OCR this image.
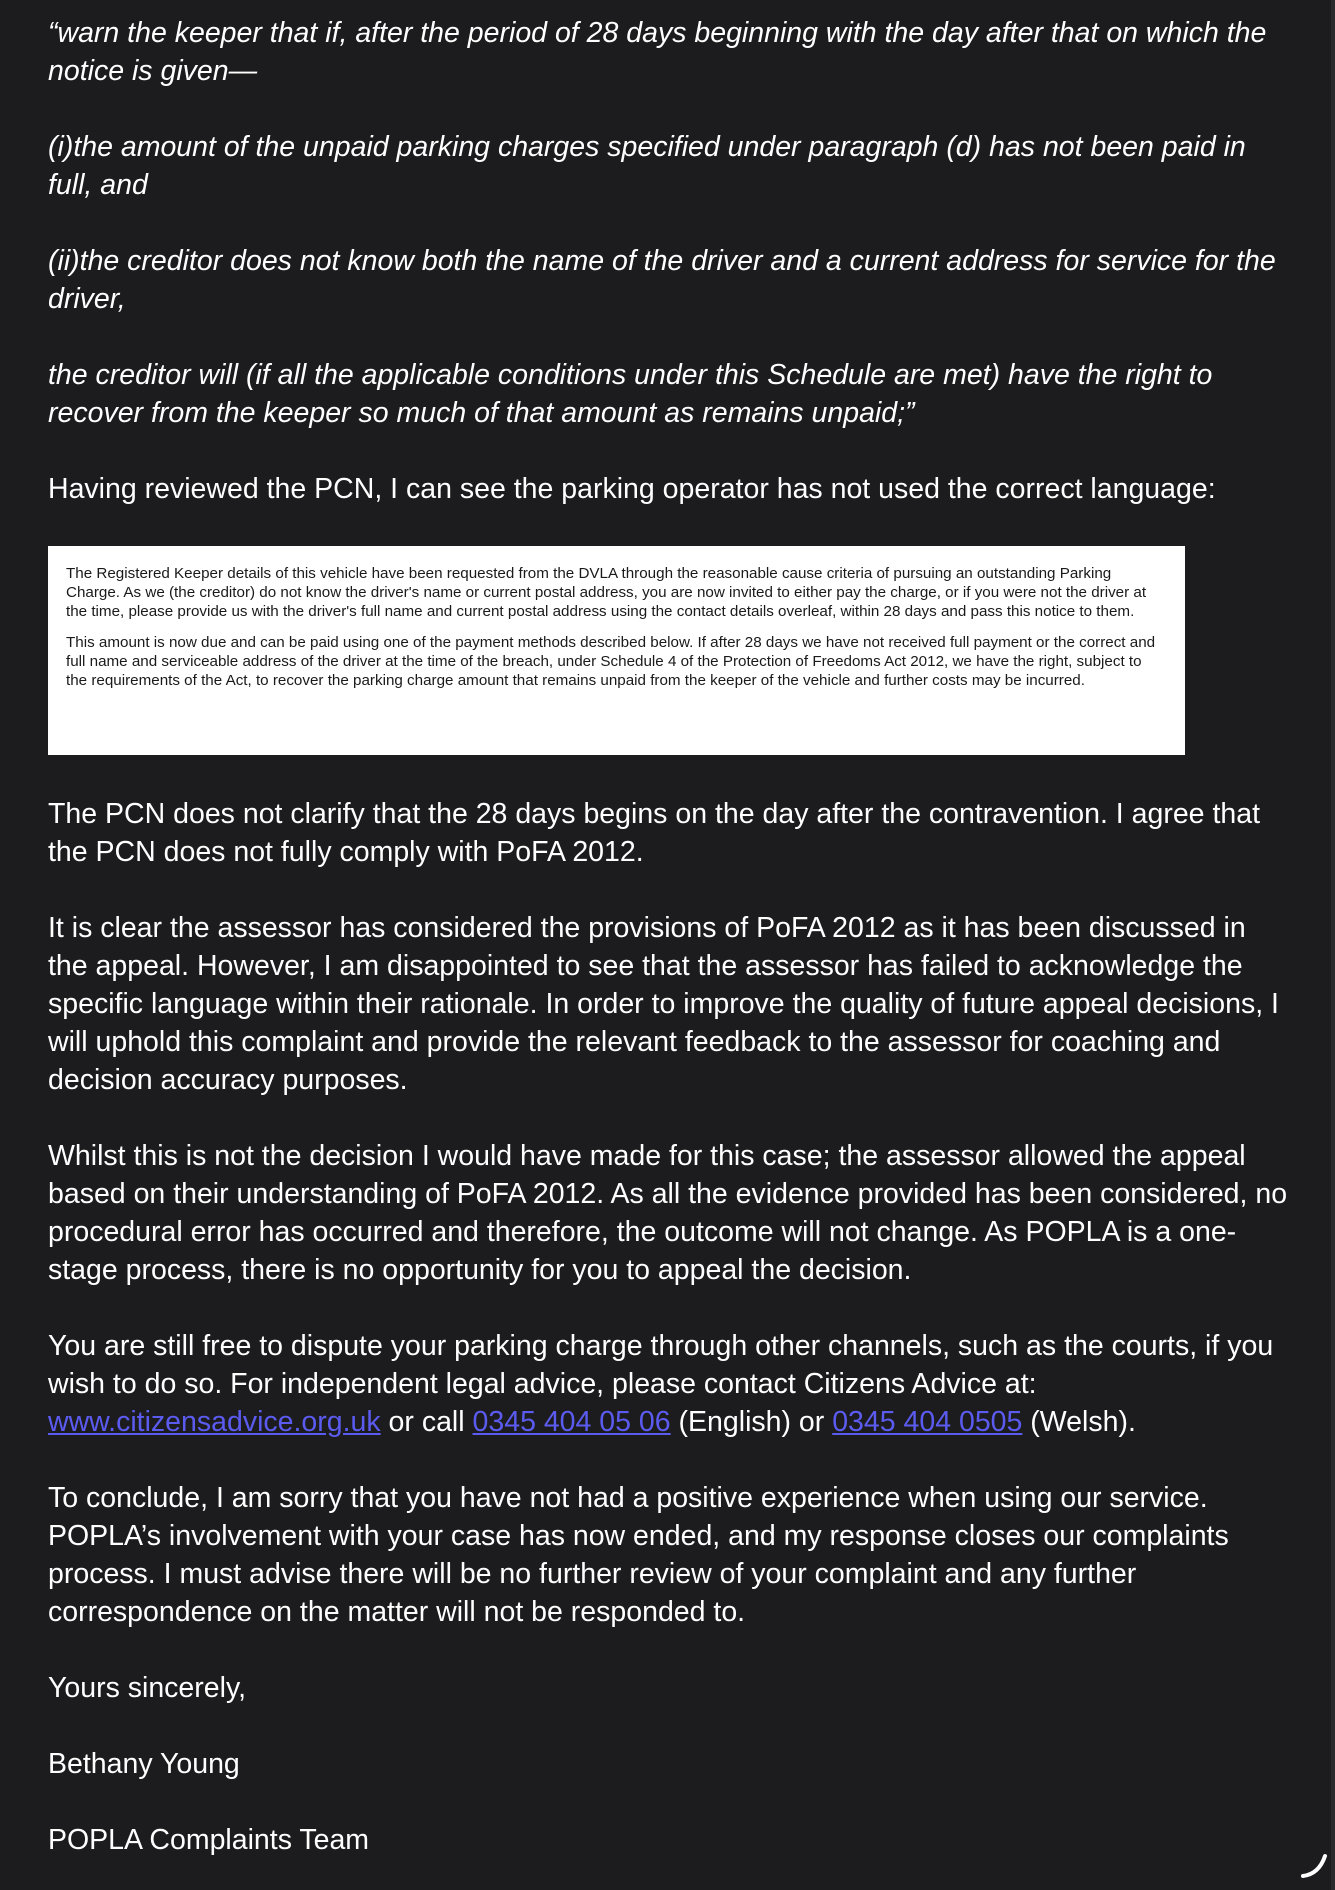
“warn the keeper that if, after the period of 28 days beginning with the day after that on which the notice is given—

(i)the amount of the unpaid parking charges specified under paragraph (d) has not been paid in full, and

(ii)the creditor does not know both the name of the driver and a current address for service for the driver,

the creditor will (if all the applicable conditions under this Schedule are met) have the right to recover from the keeper so much of that amount as remains unpaid;”

Having reviewed the PCN, I can see the parking operator has not used the correct language:

The Registered Keeper details of this vehicle have been requested from the DVLA through the reasonable cause criteria of pursuing an outstanding Parking Charge. As we (the creditor) do not know the driver's name or current postal address, you are now invited to either pay the charge, or if you were not the driver at the time, please provide us with the driver's full name and current postal address using the contact details overleaf, within 28 days and pass this notice to them.

This amount is now due and can be paid using one of the payment methods described below. If after 28 days we have not received full payment or the correct and full name and serviceable address of the driver at the time of the breach, under Schedule 4 of the Protection of Freedoms Act 2012, we have the right, subject to the requirements of the Act, to recover the parking charge amount that remains unpaid from the keeper of the vehicle and further costs may be incurred.

The PCN does not clarify that the 28 days begins on the day after the contravention. I agree that the PCN does not fully comply with PoFA 2012.

It is clear the assessor has considered the provisions of PoFA 2012 as it has been discussed in the appeal. However, I am disappointed to see that the assessor has failed to acknowledge the specific language within their rationale. In order to improve the quality of future appeal decisions, I will uphold this complaint and provide the relevant feedback to the assessor for coaching and decision accuracy purposes.

Whilst this is not the decision I would have made for this case; the assessor allowed the appeal based on their understanding of PoFA 2012. As all the evidence provided has been considered, no procedural error has occurred and therefore, the outcome will not change. As POPLA is a one-stage process, there is no opportunity for you to appeal the decision.

You are still free to dispute your parking charge through other channels, such as the courts, if you wish to do so. For independent legal advice, please contact Citizens Advice at: www.citizensadvice.org.uk or call 0345 404 05 06 (English) or 0345 404 0505 (Welsh).

To conclude, I am sorry that you have not had a positive experience when using our service. POPLA’s involvement with your case has now ended, and my response closes our complaints process. I must advise there will be no further review of your complaint and any further correspondence on the matter will not be responded to.

Yours sincerely,

Bethany Young

POPLA Complaints Team
